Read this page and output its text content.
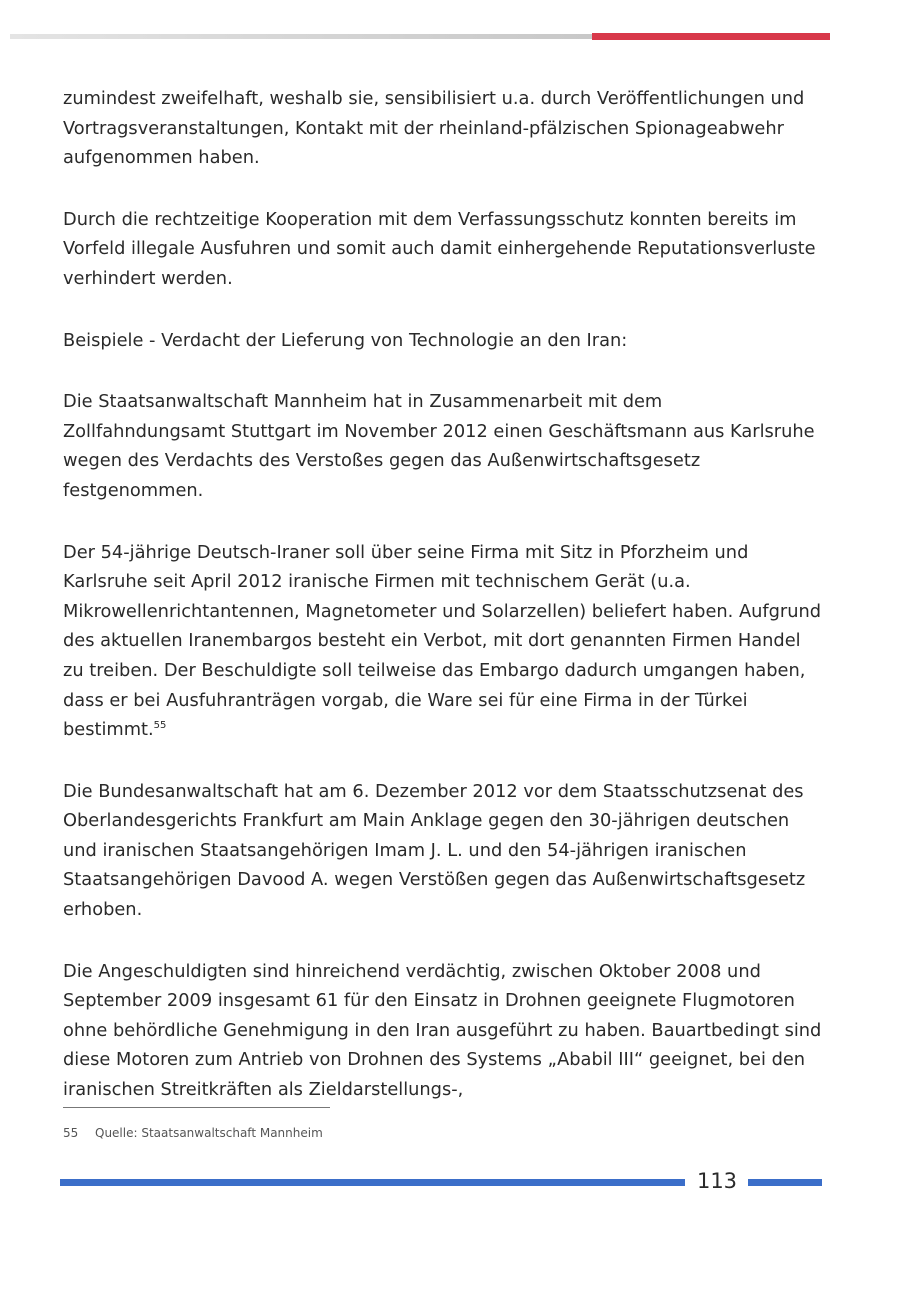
zumindest zweifelhaft, weshalb sie, sensibilisiert u.a. durch Veröffentlichungen und Vortragsveranstaltungen, Kontakt mit der rheinland-pfälzischen Spionageabwehr aufgenommen haben.

Durch die rechtzeitige Kooperation mit dem Verfassungsschutz konnten bereits im Vorfeld illegale Ausfuhren und somit auch damit einhergehende Reputationsverluste verhindert werden.

Beispiele - Verdacht der Lieferung von Technologie an den Iran:

Die Staatsanwaltschaft Mannheim hat in Zusammenarbeit mit dem Zollfahndungsamt Stuttgart im November 2012 einen Geschäftsmann aus Karlsruhe wegen des Verdachts des Verstoßes gegen das Außenwirtschaftsgesetz festgenommen.

Der 54-jährige Deutsch-Iraner soll über seine Firma mit Sitz in Pforzheim und Karlsruhe seit April 2012 iranische Firmen mit technischem Gerät (u.a. Mikrowellenrichtantennen, Magnetometer und Solarzellen) beliefert haben. Aufgrund des aktuellen Iranembargos besteht ein Verbot, mit dort genannten Firmen Handel zu treiben. Der Beschuldigte soll teilweise das Embargo dadurch umgangen haben, dass er bei Ausfuhranträgen vorgab, die Ware sei für eine Firma in der Türkei bestimmt.$^{55}$

Die Bundesanwaltschaft hat am 6. Dezember 2012 vor dem Staatsschutzsenat des Oberlandesgerichts Frankfurt am Main Anklage gegen den 30-jährigen deutschen und iranischen Staatsangehörigen Imam J. L. und den 54-jährigen iranischen Staatsangehörigen Davood A. wegen Verstößen gegen das Außenwirtschaftsgesetz erhoben.

Die Angeschuldigten sind hinreichend verdächtig, zwischen Oktober 2008 und September 2009 insgesamt 61 für den Einsatz in Drohnen geeignete Flugmotoren ohne behördliche Genehmigung in den Iran ausgeführt zu haben. Bauartbedingt sind diese Motoren zum Antrieb von Drohnen des Systems „Ababil III“ geeignet, bei den iranischen Streitkräften als Zieldarstellungs-,

55 Quelle: Staatsanwaltschaft Mannheim
113
